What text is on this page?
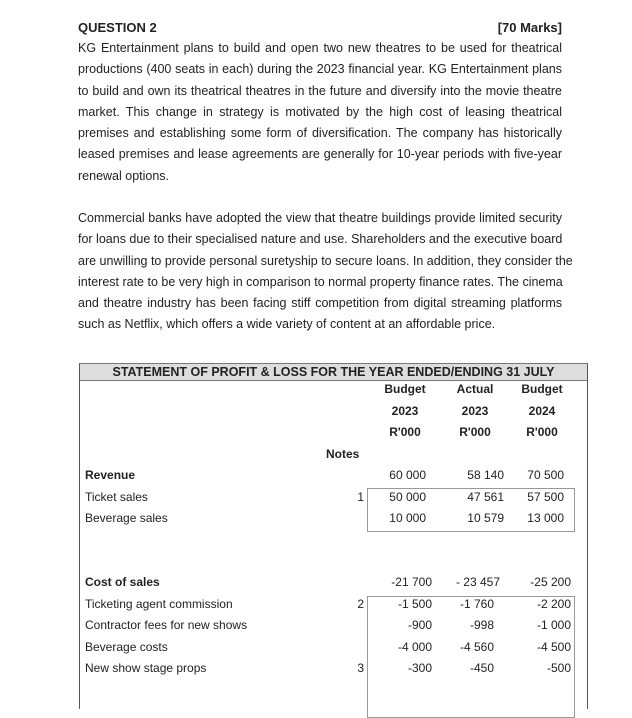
QUESTION 2	[70 Marks]
KG Entertainment plans to build and open two new theatres to be used for theatrical
productions (400 seats in each) during the 2023 financial year. KG Entertainment plans
to build and own its theatrical theatres in the future and diversify into the movie theatre
market. This change in strategy is motivated by the high cost of leasing theatrical
premises and establishing some form of diversification. The company has historically
leased premises and lease agreements are generally for 10-year periods with five-year
renewal options.
Commercial banks have adopted the view that theatre buildings provide limited security
for loans due to their specialised nature and use. Shareholders and the executive board
are unwilling to provide personal suretyship to secure loans. In addition, they consider the
interest rate to be very high in comparison to normal property finance rates. The cinema
and theatre industry has been facing stiff competition from digital streaming platforms
such as Netflix, which offers a wide variety of content at an affordable price.
STATEMENT OF PROFIT & LOSS FOR THE YEAR ENDED/ENDING 31 JULY
Budget	Actual	Budget
2023	2023	2024
R'000	R'000	R'000
Notes
Revenue	60 000	58 140	70 500
Ticket sales	1	50 000	47 561	57 500
Beverage sales	10 000	10 579	13 000
Cost of sales	-21 700	- 23 457	-25 200
Ticketing agent commission	2	-1 500	-1 760	-2 200
Contractor fees for new shows	-900	-998	-1 000
Beverage costs	-4 000	-4 560	-4 500
New show stage props	3	-300	-450	-500
